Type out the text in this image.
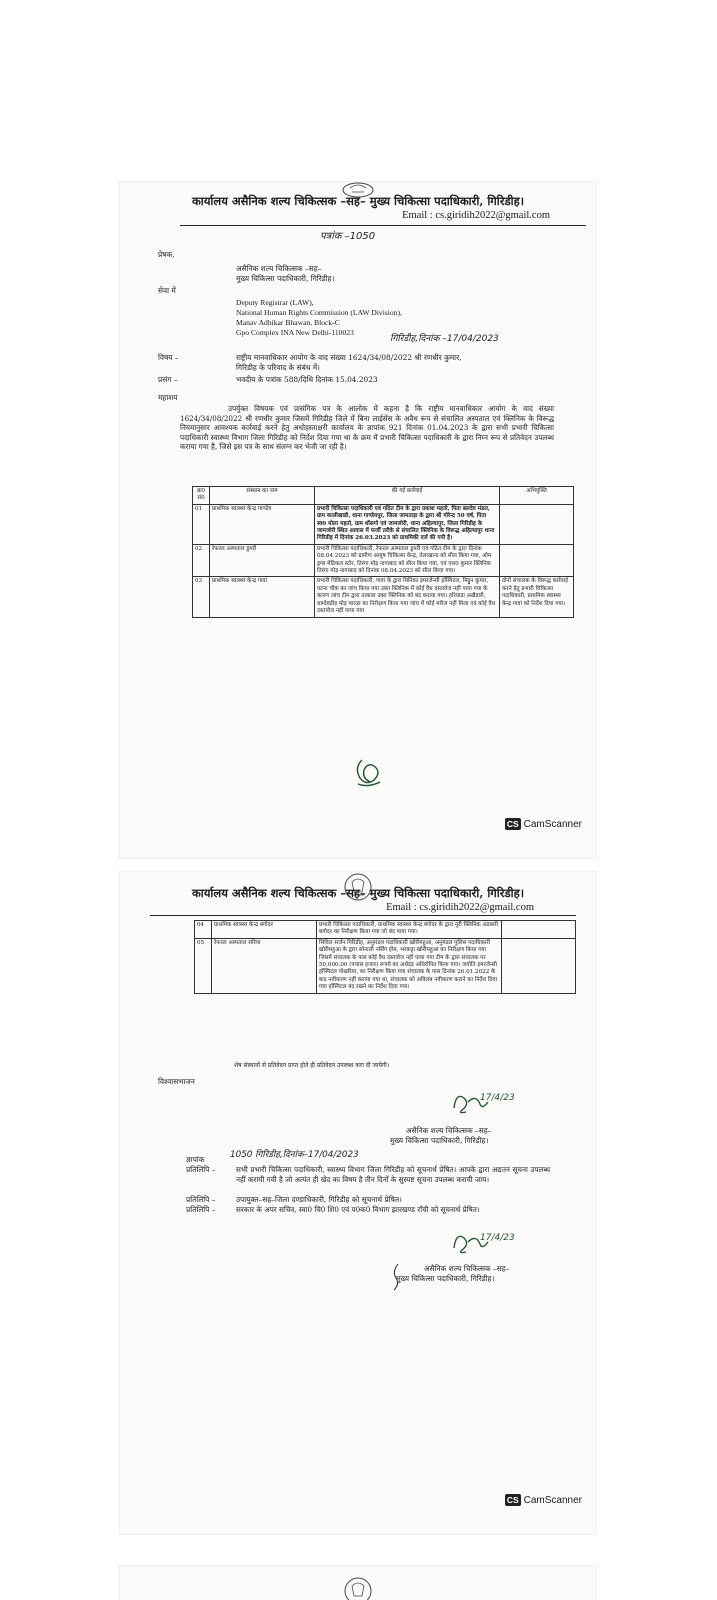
कार्यालय असैनिक शल्य चिकित्सक –सह– मुख्य चिकित्सा पदाधिकारी, गिरिडीह।
Email : cs.giridih2022@gmail.com
पत्रांक –1050
प्रेषक,
असैनिक शल्य चिकित्सक –सह–
मुख्य चिकित्सा पदाधिकारी, गिरिडीह।
सेवा में
Deputy Registrar (LAW),
National Human Rights Commission (LAW Division),
Manav Adhikar Bhawan, Block-C
Gpo Complex INA New Delhi-110023
गिरिडीह,दिनांक –17/04/2023
विषय –	राष्ट्रीय मानवाधिकार आयोग के वाद संख्या 1624/34/08/2022 श्री रणधीर कुमार,
गिरिडीह के परिवाद के संबंध में।
प्रसंग –	भवदीय के पत्रांक 588/दिथि दिनांक 15.04.2023
महाशय
उपर्युक्त विषयक एवं प्रासंगिक पत्र के आलोक में कहना है कि राष्ट्रीय मानवाधिकार आयोग के वाद संख्या 1624/34/08/2022 श्री रणधीर कुमार जिसमें गिरिडीह जिले में बिना लाईसेंस के अवैध रूप से संचालित अस्पताल एवं क्लिनिक के विरूद्ध नियमानुसार आवश्यक कार्रवाई करने हेतु अधोहस्ताक्षरी कार्यालय के ज्ञापांक 921 दिनांक 01.04.2023 के द्वारा सभी प्रभारी चिकित्सा पदाधिकारी स्वास्थ्य विभाग जिला गिरिडीह को निर्देश दिया गया था के क्रम में प्रभारी चिकित्सा पदाधिकारी के द्वारा निम्न रूप से प्रतिवेदन उपलब्ध कराया गया है, जिसे इस पत्र के साथ संलग्न कर भेजी जा रही है।
क्र0 सं0	संस्थान का नाम	की गई कार्रवाई	अभियुक्ति
01	प्राथमिक स्वास्थ्य केन्द्र गाण्डेय	प्रभारी चिकित्सा पदाधिकारी एवं गठित टीम के द्वारा प्रकाश महतो, पिता बलदेव मंडल, ग्राम कालीखाडी, थाना गाण्डेयपुर, जिला जामताड़ा के द्वारा श्री गोरेन्द्र 50 वर्ष, पिता स्व0 मोला महतो, ग्राम थोंसगो एवं जामजोरी, थाना अहिल्यापुर, जिला गिरिडीह के जामजोरी स्थित आवास में फर्जी तरीके से संचालित क्लिनिक के विरूद्ध अहिल्यापुर थाना गिरिडीह में दिनांक 26.03.2023 को प्राथमिकी दर्ज की गयी है।	
02	रेफरल अस्पताल डुमरी	प्रभारी चिकित्सा पदाधिकारी, रेफरल अस्पताल डुमरी एवं गठित टीम के द्वारा दिनांक 08.04.2023 को ग्रामीण आयुष चिकित्सा केन्द्र, तेलाखाना को सील किया गया, ओम ड्रग्स मेडिकल स्टोर, तिरंगा मोड़ नागाबाद को सील किया गया, एवं एस0 कुमार क्लिनिक तिरंगा मोड़ नागाबाद को दिनांक 08.04.2023 को सील किया गया।	
03	प्राथमिक स्वास्थ्य केन्द्र गावां	प्रभारी चिकित्सा पदाधिकारी, गावां के द्वारा मिनिका इमरजेन्सी हॉस्पिटल, मिट्ठुन कुमार, पटना चौक का जांच किया गया उक्त क्लिनिक में कोई वैध दस्तावेज नहीं पाया गया के कारण जांच टीम द्वारा तत्काल उक्त क्लिनिक को बंद कराया गया। हरियाडा अखैडारी, धाम्देवडीह मोड़ माल्डा का निरीक्षण किया गया जांच में कोई मरीज नहीं मिला एवं कोई वैध दस्तावेज नहीं पाया गया	दोनों संचालक के विरूद्ध कार्रवाई करने हेतु प्रभारी चिकित्सा पदाधिकारी, प्राथमिक स्वास्थ्य केन्द्र गावां को निर्देश दिया गया।
CS CamScanner
कार्यालय असैनिक शल्य चिकित्सक –सह– मुख्य चिकित्सा पदाधिकारी, गिरिडीह।
Email : cs.giridih2022@gmail.com
04	प्राथमिक स्वास्थ्य केन्द्र बगोदर	प्रभारी चिकित्सा पदाधिकारी, प्राथमिक स्वास्थ्य केन्द्र बगोदर के द्वारा नूरी क्लिनिक अंडबारी बगोदर का निरीक्षण किया गया जो बंद पाया गया।	
05	रेफरल अस्पताल सरिया	सिविल सर्जन गिरिडीह, अनुमंडल पदाधिकारी खोरीमहुआ, अनुमंडल पुलिस पदाधिकारी खोरीमहुआ के द्वारा सोनाली नर्सिंग होम, भरकट्टा खोरीमहुआ का निरीक्षण किया गया जिसमें संचालक के पास कोई वैध दस्तावेज नहीं पाया गया टीम के द्वारा संचालक पर 50,000.00 (पचास हजार) रूपये का अर्थदंड अधिरोपित किया गया। जयोति इमरजेन्सी हॉस्पिटल पोखरिया, का निरीक्षण किया गया संचालक के पास दिनांक 26.01.2022 के बाद नवीकरण नहीं कराया गया था, संचालक को अविलंब नवीकरण कराने का निर्देश दिया गया हॉस्पिटल बंद रखने का निर्देश दिया गया।	
शेष संस्थानों से प्रतिवेदन प्राप्त होते ही प्रतिवेदन उपलब्ध करा दी जायेगी।
विश्वासभाजन
17/4/23
असैनिक शल्य चिकित्सक –सह–
मुख्य चिकित्सा पदाधिकारी, गिरिडीह।
ज्ञापांक	1050 गिरिडीह,दिनांक–17/04/2023
प्रतिलिपि –	सभी प्रभारी चिकित्सा पदाधिकारी, स्वास्थ्य विभाग जिला गिरिडीह को सूचनार्थ प्रेषित। आपके द्वारा अद्यतन सूचना उपलब्ध नहीं करायी गयी है जो अत्यंत ही खेद का विषय है तीन दिनों के सुस्पष्ट सूचना उपलब्ध करायी जाय।
प्रतिलिपि –	उपायुक्त–सह–जिला दण्डाधिकारी, गिरिडीह को सूचनार्थ प्रेषित।
प्रतिलिपि –	सरकार के अपर सचिव, स्वा0 चि0 शि0 एवं प0क0 विभाग झारखण्ड राँची को सूचनार्थ प्रेषित।
17/4/23
असैनिक शल्य चिकित्सक –सह–
मुख्य चिकित्सा पदाधिकारी, गिरिडीह।
CS CamScanner
